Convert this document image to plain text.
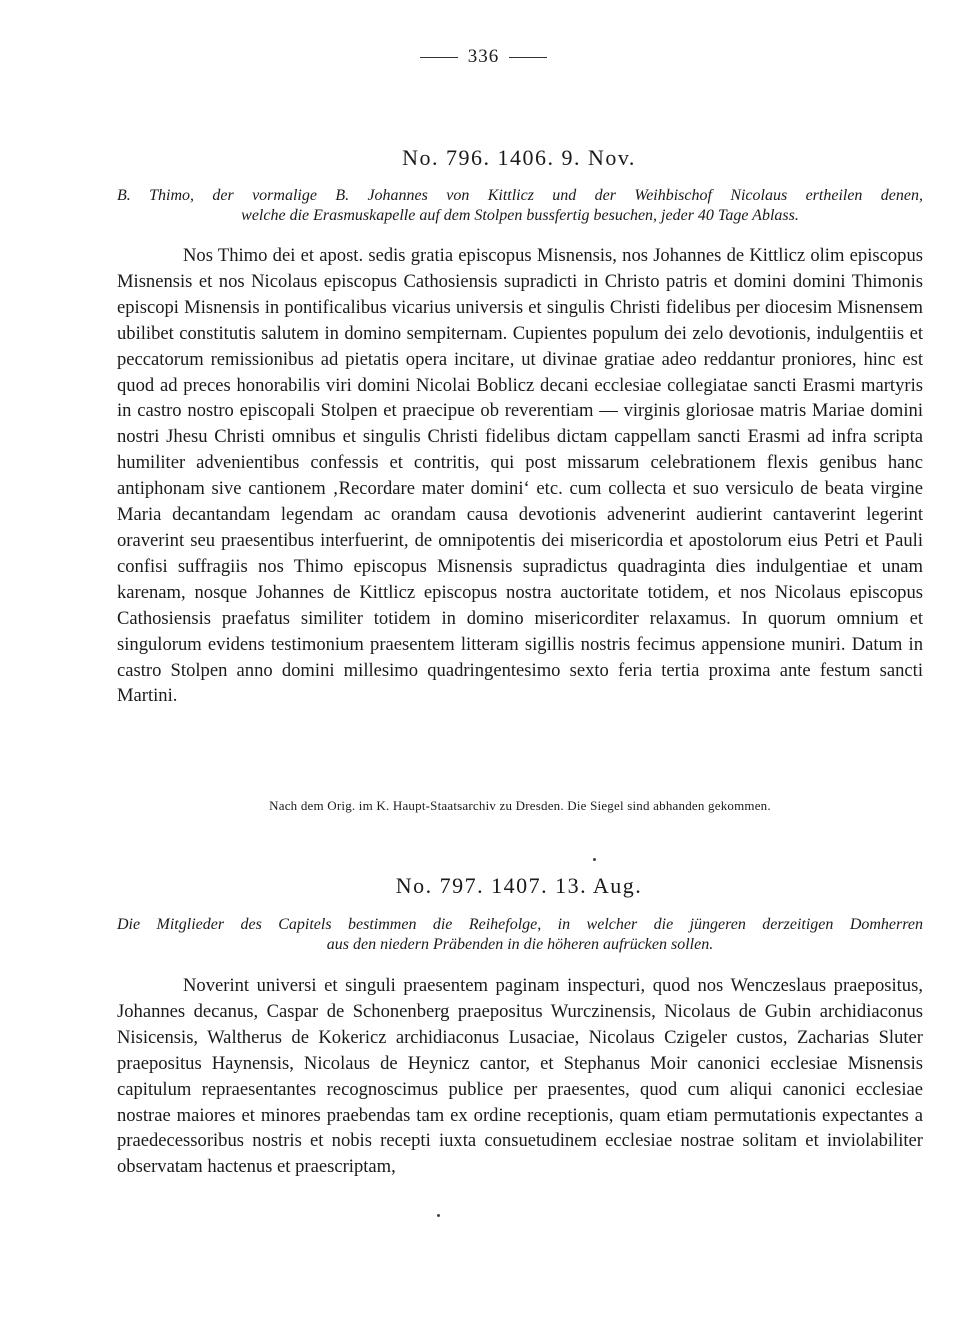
336
No. 796. 1406. 9. Nov.
B. Thimo, der vormalige B. Johannes von Kittlicz und der Weihbischof Nicolaus ertheilen denen,
welche die Erasmuskapelle auf dem Stolpen bussfertig besuchen, jeder 40 Tage Ablass.

Nos Thimo dei et apost. sedis gratia episcopus Misnensis, nos Johannes de Kittlicz olim episcopus Misnensis et nos Nicolaus episcopus Cathosiensis supradicti in Christo patris et domini domini Thimonis episcopi Misnensis in pontificalibus vicarius universis et singulis Christi fidelibus per diocesim Misnensem ubilibet constitutis salutem in domino sempiternam. Cupientes populum dei zelo devotionis, indulgentiis et peccatorum remissionibus ad pietatis opera incitare, ut divinae gratiae adeo reddantur proniores, hinc est quod ad preces honorabilis viri domini Nicolai Boblicz decani ecclesiae collegiatae sancti Erasmi martyris in castro nostro episcopali Stolpen et praecipue ob reverentiam — virginis gloriosae matris Mariae domini nostri Jhesu Christi omnibus et singulis Christi fidelibus dictam cappellam sancti Erasmi ad infra scripta humiliter advenientibus confessis et contritis, qui post missarum celebrationem flexis genibus hanc antiphonam sive cantionem ‚Recordare mater domini‘ etc. cum collecta et suo versiculo de beata virgine Maria decantandam legendam ac orandam causa devotionis advenerint audierint cantaverint legerint oraverint seu praesentibus interfuerint, de omnipotentis dei misericordia et apostolorum eius Petri et Pauli confisi suffragiis nos Thimo episcopus Misnensis supradictus quadraginta dies indulgentiae et unam karenam, nosque Johannes de Kittlicz episcopus nostra auctoritate totidem, et nos Nicolaus episcopus Cathosiensis praefatus similiter totidem in domino misericorditer relaxamus. In quorum omnium et singulorum evidens testimonium praesentem litteram sigillis nostris fecimus appensione muniri. Datum in castro Stolpen anno domini millesimo quadringentesimo sexto feria tertia proxima ante festum sancti Martini.

Nach dem Orig. im K. Haupt-Staatsarchiv zu Dresden. Die Siegel sind abhanden gekommen.
No. 797. 1407. 13. Aug.
Die Mitglieder des Capitels bestimmen die Reihefolge, in welcher die jüngeren derzeitigen Domherren
aus den niedern Präbenden in die höheren aufrücken sollen.

Noverint universi et singuli praesentem paginam inspecturi, quod nos Wenczeslaus praepositus, Johannes decanus, Caspar de Schonenberg praepositus Wurczinensis, Nicolaus de Gubin archidiaconus Nisicensis, Waltherus de Kokericz archidiaconus Lusaciae, Nicolaus Czigeler custos, Zacharias Sluter praepositus Haynensis, Nicolaus de Heynicz cantor, et Stephanus Moir canonici ecclesiae Misnensis capitulum repraesentantes recognoscimus publice per praesentes, quod cum aliqui canonici ecclesiae nostrae maiores et minores praebendas tam ex ordine receptionis, quam etiam permutationis expectantes a praedecessoribus nostris et nobis recepti iuxta consuetudinem ecclesiae nostrae solitam et inviolabiliter observatam hactenus et praescriptam,
